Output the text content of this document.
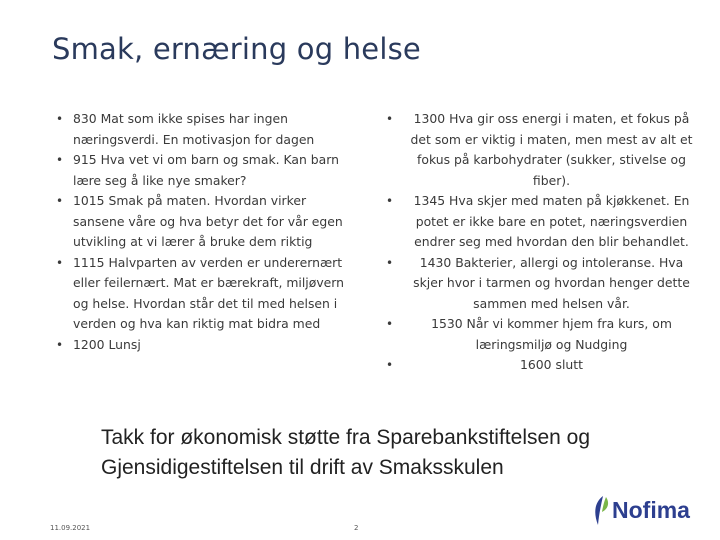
Smak, ernæring og helse
• 830 Mat som ikke spises har ingen næringsverdi. En motivasjon for dagen
• 915 Hva vet vi om barn og smak. Kan barn lære seg å like nye smaker?
• 1015 Smak på maten. Hvordan virker sansene våre og hva betyr det for vår egen utvikling at vi lærer å bruke dem riktig
• 1115 Halvparten av verden er underernært eller feilernært. Mat er bærekraft, miljøvern og helse. Hvordan står det til med helsen i verden og hva kan riktig mat bidra med
• 1200 Lunsj
•	1300 Hva gir oss energi i maten, et fokus på det som er viktig i maten, men mest av alt et fokus på karbohydrater (sukker, stivelse og fiber).
•	1345 Hva skjer med maten på kjøkkenet. En potet er ikke bare en potet, næringsverdien endrer seg med hvordan den blir behandlet.
•	1430 Bakterier, allergi og intoleranse. Hva skjer hvor i tarmen og hvordan henger dette sammen med helsen vår.
•	1530 Når vi kommer hjem fra kurs, om læringsmiljø og Nudging
•	1600 slutt
Takk for økonomisk støtte fra Sparebankstiftelsen og Gjensidigestiftelsen til drift av Smaksskulen
11.09.2021	2
Nofima
